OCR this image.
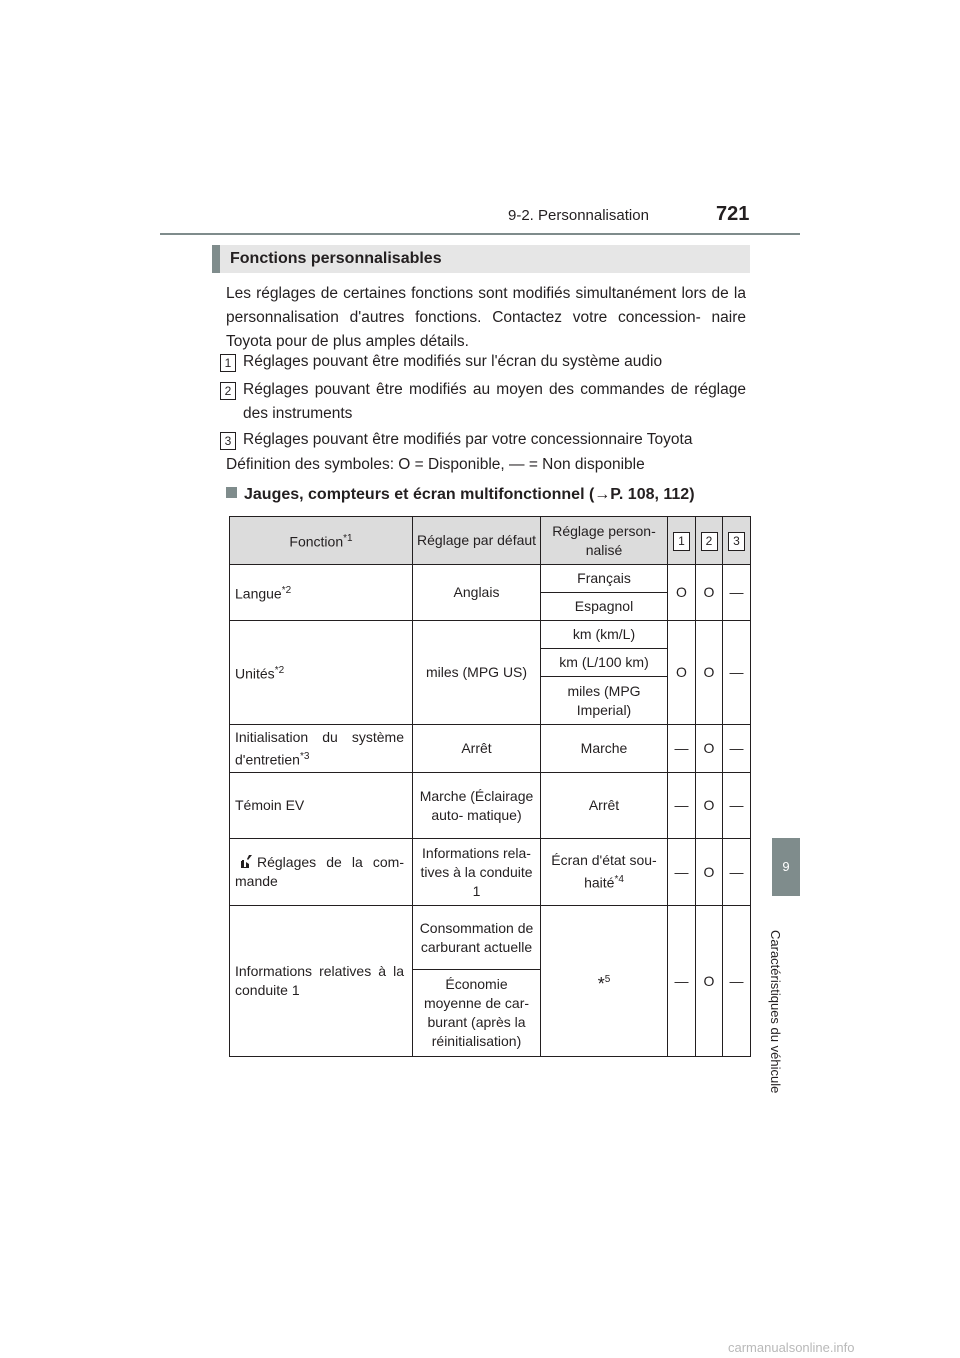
9-2. Personnalisation	721
9
Caractéristiques du véhicule
Fonctions personnalisables
Les réglages de certaines fonctions sont modifiés simultanément lors de la personnalisation d'autres fonctions. Contactez votre concession- naire Toyota pour de plus amples détails.
1 Réglages pouvant être modifiés sur l'écran du système audio
2 Réglages pouvant être modifiés au moyen des commandes de réglage des instruments
3 Réglages pouvant être modifiés par votre concessionnaire Toyota
Définition des symboles: O = Disponible, — = Non disponible
Jauges, compteurs et écran multifonctionnel (→P. 108, 112)
Fonction$^{*1}$	Réglage par défaut	Réglage person- nalisé	1	2	3
Langue$^{*2}$	Anglais	Français	O	O	—
		Espagnol			
Unités$^{*2}$	miles (MPG US)	km (km/L)	O	O	—
		km (L/100 km)			
		miles (MPG Imperial)			
Initialisation du système d'entretien$^{*3}$	Arrêt	Marche	—	O	—
Témoin EV	Marche (Éclairage auto- matique)	Arrêt	—	O	—
Réglages de la com- mande	Informations rela- tives à la conduite 1	Écran d'état sou- haité$^{*4}$	—	O	—
Informations relatives à la conduite 1	Consommation de carburant actuelle	*$^5$	—	O	—
	Économie moyenne de car- burant (après la réinitialisation)				
carmanualsonline.info
